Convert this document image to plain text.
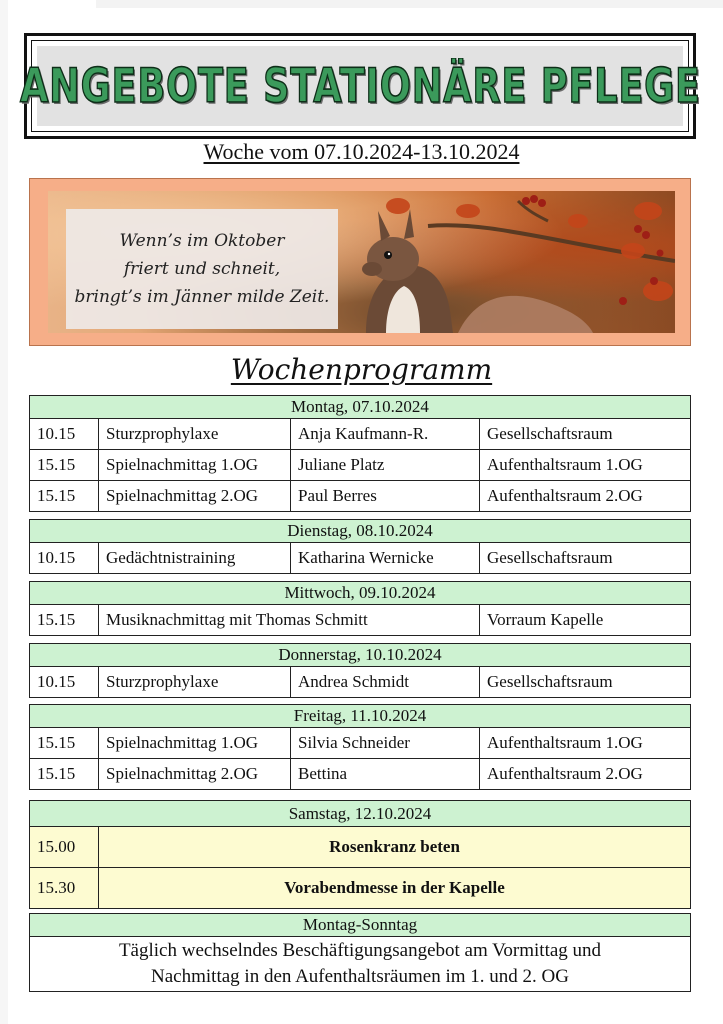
ANGEBOTE STATIONÄRE PFLEGE
Woche vom 07.10.2024-13.10.2024
Wenn’s im Oktober
friert und schneit,
bringt’s im Jänner milde Zeit.
Wochenprogramm
Montag, 07.10.2024
10.15	Sturzprophylaxe	Anja Kaufmann-R.	Gesellschaftsraum
15.15	Spielnachmittag 1.OG	Juliane Platz	Aufenthaltsraum 1.OG
15.15	Spielnachmittag 2.OG	Paul Berres	Aufenthaltsraum 2.OG
Dienstag, 08.10.2024
10.15	Gedächtnistraining	Katharina Wernicke	Gesellschaftsraum
Mittwoch, 09.10.2024
15.15	Musiknachmittag mit Thomas Schmitt	Vorraum Kapelle
Donnerstag, 10.10.2024
10.15	Sturzprophylaxe	Andrea Schmidt	Gesellschaftsraum
Freitag, 11.10.2024
15.15	Spielnachmittag 1.OG	Silvia Schneider	Aufenthaltsraum 1.OG
15.15	Spielnachmittag 2.OG	Bettina	Aufenthaltsraum 2.OG
Samstag, 12.10.2024
15.00	Rosenkranz beten
15.30	Vorabendmesse in der Kapelle
Montag-Sonntag
Täglich wechselndes Beschäftigungsangebot am Vormittag und
Nachmittag in den Aufenthaltsräumen im 1. und 2. OG
